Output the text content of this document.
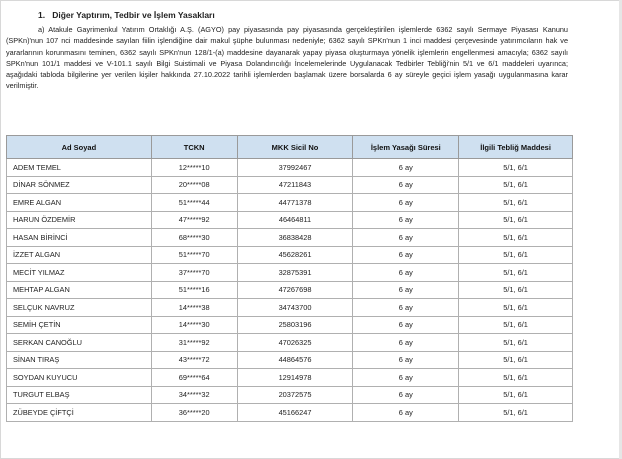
1. Diğer Yaptırım, Tedbir ve İşlem Yasakları
a) Atakule Gayrimenkul Yatırım Ortaklığı A.Ş. (AGYO) pay piyasasında pay piyasasında gerçekleştirilen işlemlerde 6362 sayılı Sermaye Piyasası Kanunu (SPKn)'nun 107 nci maddesinde sayılan fiilin işlendiğine dair makul şüphe bulunması nedeniyle; 6362 sayılı SPKn'nun 1 inci maddesi çerçevesinde yatırımcıların hak ve yararlarının korunmasını teminen, 6362 sayılı SPKn'nun 128/1-(a) maddesine dayanarak yapay piyasa oluşturmaya yönelik işlemlerin engellenmesi amacıyla; 6362 sayılı SPKn'nun 101/1 maddesi ve V-101.1 sayılı Bilgi Suistimali ve Piyasa Dolandırıcılığı İncelemelerinde Uygulanacak Tedbirler Tebliği'nin 5/1 ve 6/1 maddeleri uyarınca; aşağıdaki tabloda bilgilerine yer verilen kişiler hakkında 27.10.2022 tarihli işlemlerden başlamak üzere borsalarda 6 ay süreyle geçici işlem yasağı uygulanmasına karar verilmiştir.
Ad Soyad	TCKN	MKK Sicil No	İşlem Yasağı Süresi	İlgili Tebliğ Maddesi
ADEM TEMEL	12*****10	37992467	6 ay	5/1, 6/1
DİNAR SÖNMEZ	20*****08	47211843	6 ay	5/1, 6/1
EMRE ALGAN	51*****44	44771378	6 ay	5/1, 6/1
HARUN ÖZDEMİR	47*****92	46464811	6 ay	5/1, 6/1
HASAN BİRİNCİ	68*****30	36838428	6 ay	5/1, 6/1
İZZET ALGAN	51*****70	45628261	6 ay	5/1, 6/1
MECİT YILMAZ	37*****70	32875391	6 ay	5/1, 6/1
MEHTAP ALGAN	51*****16	47267698	6 ay	5/1, 6/1
SELÇUK NAVRUZ	14*****38	34743700	6 ay	5/1, 6/1
SEMİH ÇETİN	14*****30	25803196	6 ay	5/1, 6/1
SERKAN CANOĞLU	31*****92	47026325	6 ay	5/1, 6/1
SİNAN TIRAŞ	43*****72	44864576	6 ay	5/1, 6/1
SOYDAN KUYUCU	69*****64	12914978	6 ay	5/1, 6/1
TURGUT ELBAŞ	34*****32	20372575	6 ay	5/1, 6/1
ZÜBEYDE ÇİFTÇİ	36*****20	45166247	6 ay	5/1, 6/1
